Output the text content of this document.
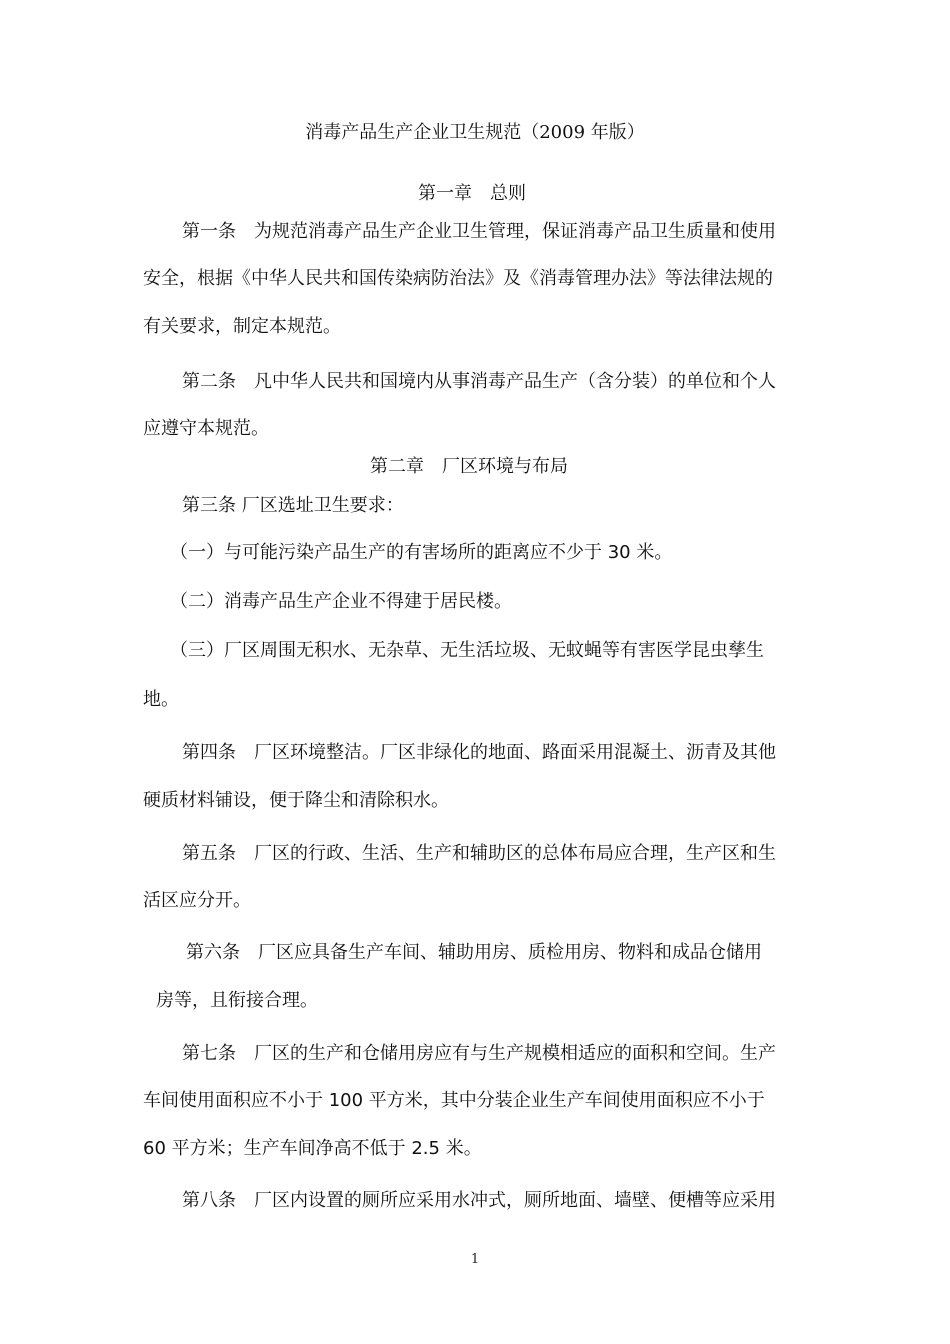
消毒产品生产企业卫生规范（2009 年版）
第一章　总则
第一条　为规范消毒产品生产企业卫生管理，保证消毒产品卫生质量和使用
安全，根据《中华人民共和国传染病防治法》及《消毒管理办法》等法律法规的
有关要求，制定本规范。
第二条　凡中华人民共和国境内从事消毒产品生产（含分装）的单位和个人
应遵守本规范。
第二章　厂区环境与布局
第三条 厂区选址卫生要求：
（一）与可能污染产品生产的有害场所的距离应不少于 30 米。
（二）消毒产品生产企业不得建于居民楼。
（三）厂区周围无积水、无杂草、无生活垃圾、无蚊蝇等有害医学昆虫孳生
地。
第四条　厂区环境整洁。厂区非绿化的地面、路面采用混凝土、沥青及其他
硬质材料铺设，便于降尘和清除积水。
第五条　厂区的行政、生活、生产和辅助区的总体布局应合理，生产区和生
活区应分开。
第六条　厂区应具备生产车间、辅助用房、质检用房、物料和成品仓储用
房等，且衔接合理。
第七条　厂区的生产和仓储用房应有与生产规模相适应的面积和空间。生产
车间使用面积应不小于 100 平方米，其中分装企业生产车间使用面积应不小于
60 平方米；生产车间净高不低于 2.5 米。
第八条　厂区内设置的厕所应采用水冲式，厕所地面、墙壁、便槽等应采用
1
